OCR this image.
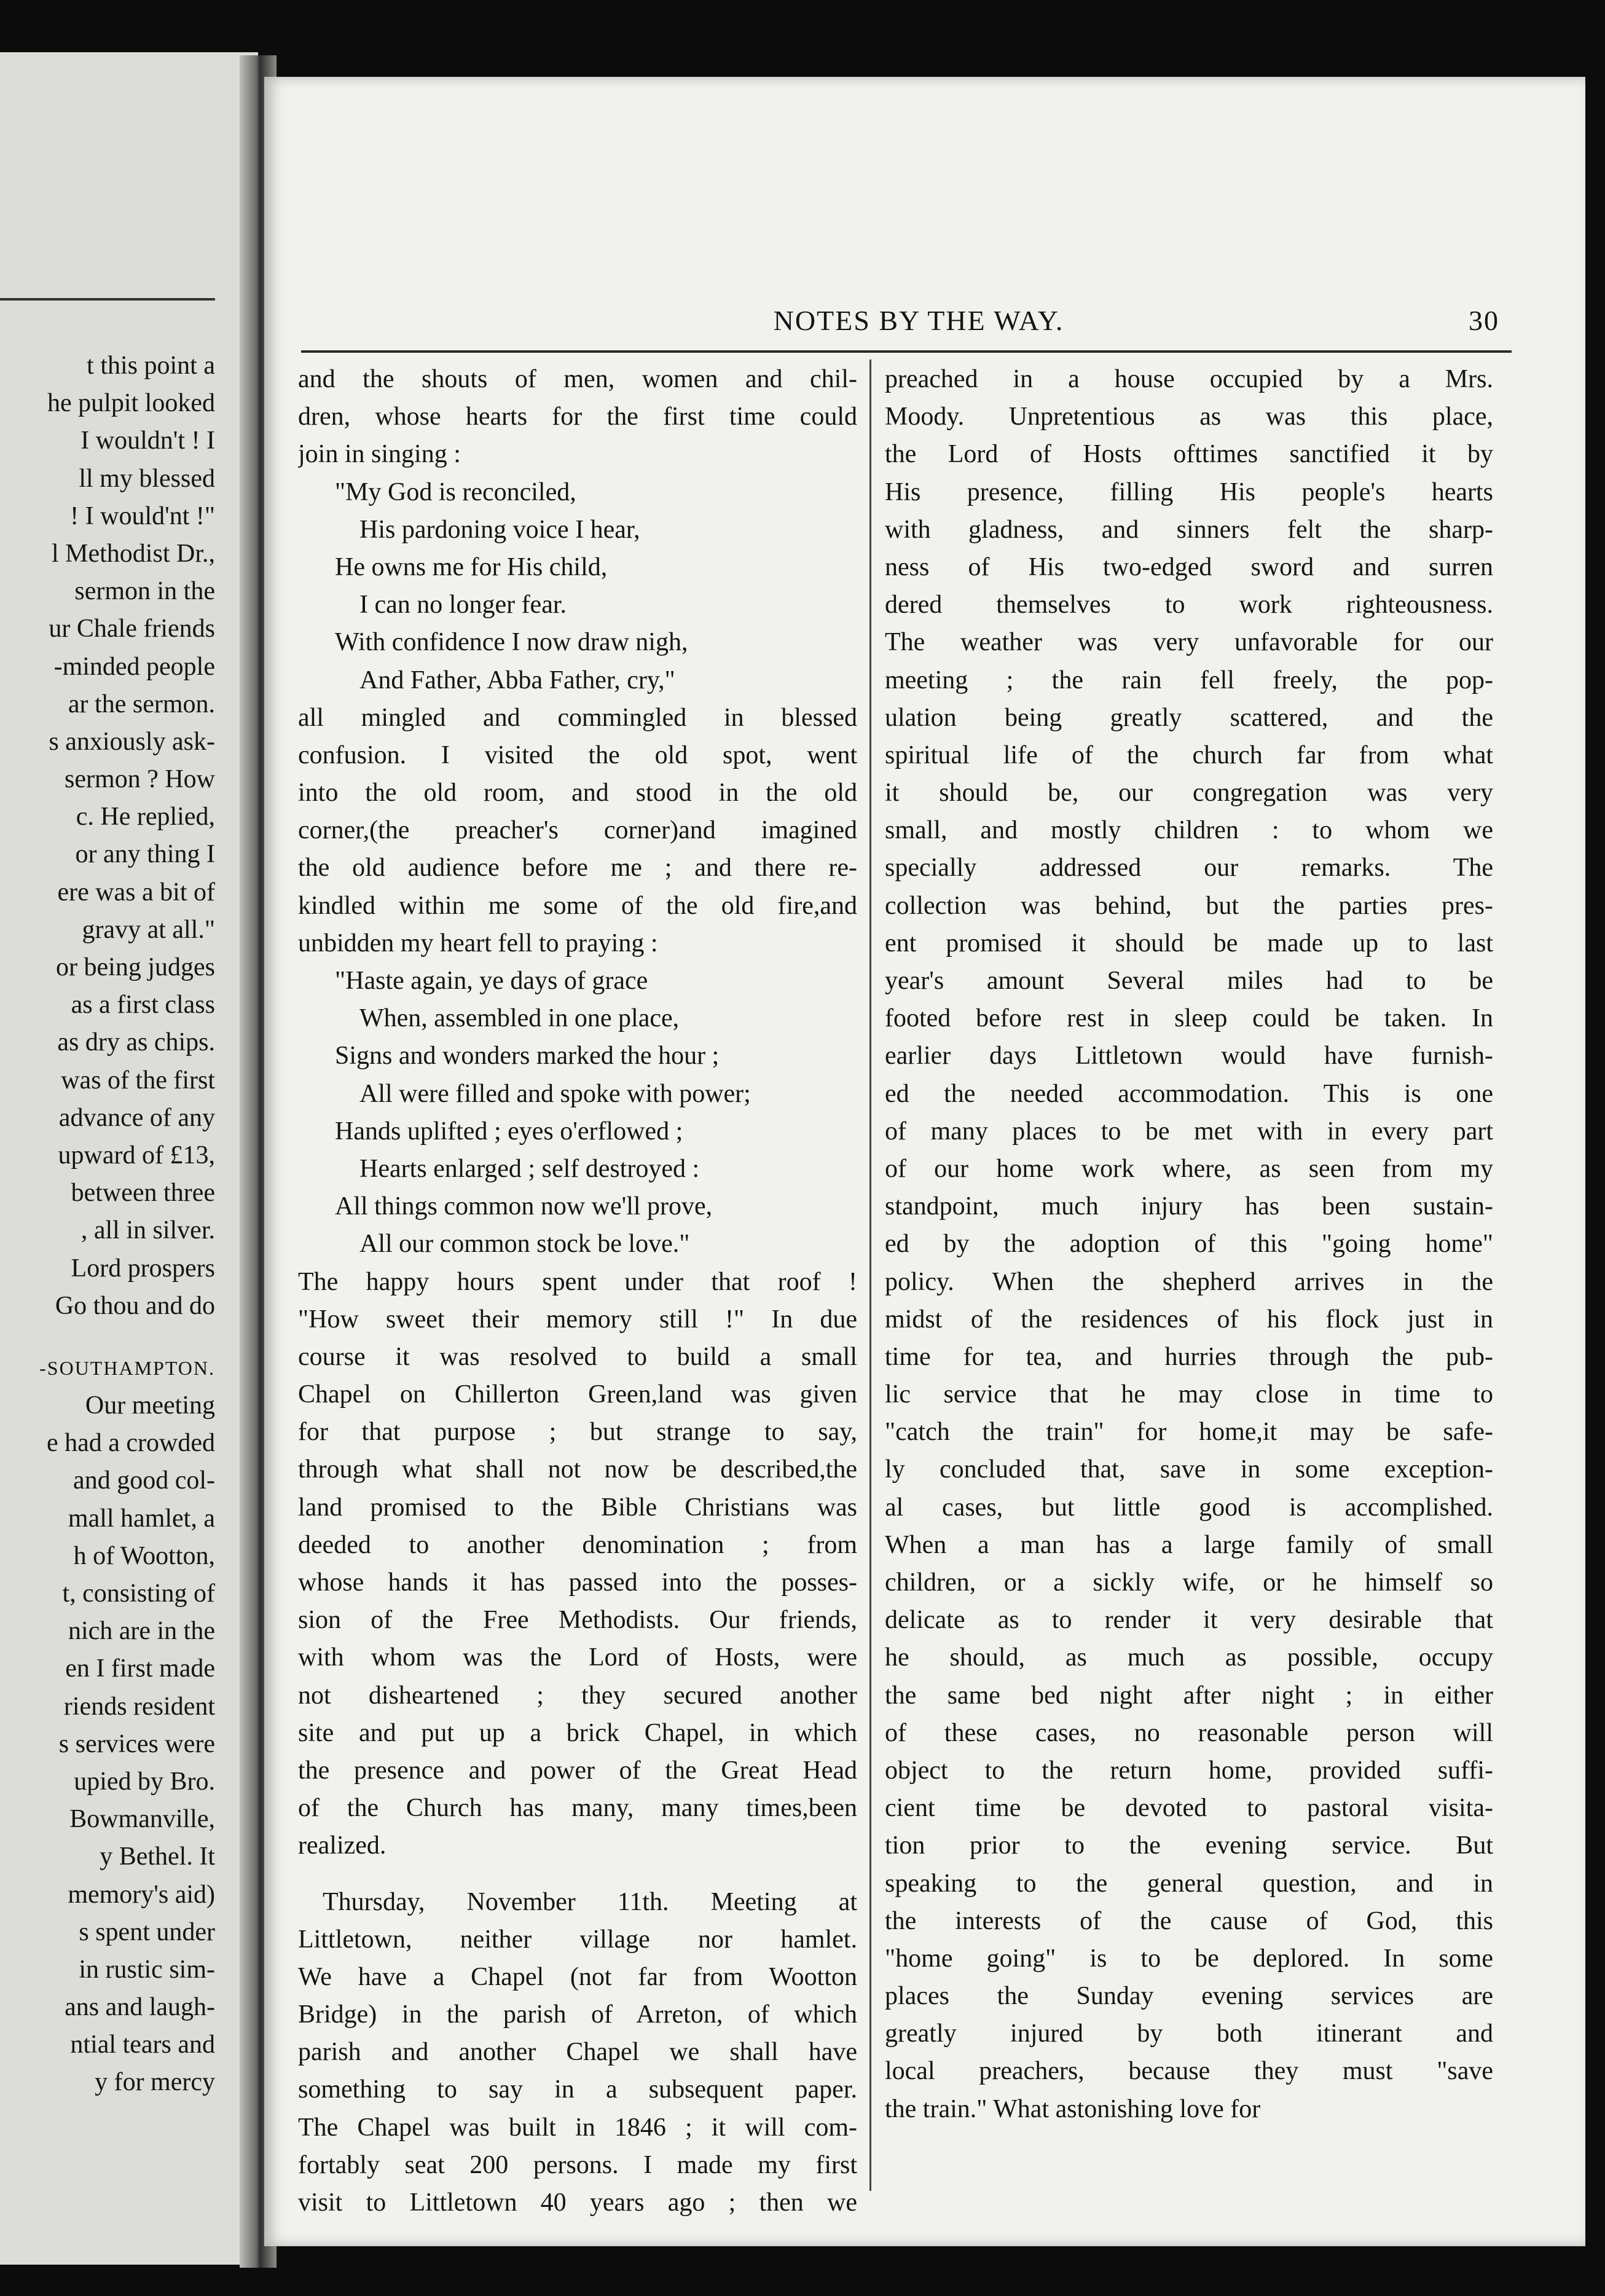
t this point a
he pulpit looked
I wouldn't ! I
ll my blessed
! I would'nt !"
l Methodist Dr.,
sermon in the
ur Chale friends
-minded people
ar the sermon.
s anxiously ask-
sermon ? How
c. He replied,
or any thing I
ere was a bit of
gravy at all."
or being judges
as a first class
as dry as chips.
was of the first
advance of any
upward of £13,
between three
, all in silver.
Lord prospers
Go thou and do
-SOUTHAMPTON.
Our meeting
e had a crowded
and good col-
mall hamlet, a
h of Wootton,
t, consisting of
nich are in the
en I first made
riends resident
s services were
upied by Bro.
Bowmanville,
y Bethel. It
memory's aid)
s spent under
in rustic sim-
ans and laugh-
ntial tears and
y for mercy
NOTES BY THE WAY.	30
and the shouts of men, women and chil-
dren, whose hearts for the first time could
join in singing :
"My God is reconciled,
His pardoning voice I hear,
He owns me for His child,
I can no longer fear.
With confidence I now draw nigh,
And Father, Abba Father, cry,"
all mingled and commingled in blessed
confusion. I visited the old spot, went
into the old room, and stood in the old
corner,(the preacher's corner)and imagined
the old audience before me ; and there re-
kindled within me some of the old fire,and
unbidden my heart fell to praying :
"Haste again, ye days of grace
When, assembled in one place,
Signs and wonders marked the hour ;
All were filled and spoke with power;
Hands uplifted ; eyes o'erflowed ;
Hearts enlarged ; self destroyed :
All things common now we'll prove,
All our common stock be love."
The happy hours spent under that roof !
"How sweet their memory still !" In due
course it was resolved to build a small
Chapel on Chillerton Green,land was given
for that purpose ; but strange to say,
through what shall not now be described,the
land promised to the Bible Christians was
deeded to another denomination ; from
whose hands it has passed into the posses-
sion of the Free Methodists. Our friends,
with whom was the Lord of Hosts, were
not disheartened ; they secured another
site and put up a brick Chapel, in which
the presence and power of the Great Head
of the Church has many, many times,been
realized.
Thursday, November 11th. Meeting at
Littletown, neither village nor hamlet.
We have a Chapel (not far from Wootton
Bridge) in the parish of Arreton, of which
parish and another Chapel we shall have
something to say in a subsequent paper.
The Chapel was built in 1846 ; it will com-
fortably seat 200 persons. I made my first
visit to Littletown 40 years ago ; then we
preached in a house occupied by a Mrs.
Moody. Unpretentious as was this place,
the Lord of Hosts ofttimes sanctified it by
His presence, filling His people's hearts
with gladness, and sinners felt the sharp-
ness of His two-edged sword and surren
dered themselves to work righteousness.
The weather was very unfavorable for our
meeting ; the rain fell freely, the pop-
ulation being greatly scattered, and the
spiritual life of the church far from what
it should be, our congregation was very
small, and mostly children : to whom we
specially addressed our remarks. The
collection was behind, but the parties pres-
ent promised it should be made up to last
year's amount Several miles had to be
footed before rest in sleep could be taken. In
earlier days Littletown would have furnish-
ed the needed accommodation. This is one
of many places to be met with in every part
of our home work where, as seen from my
standpoint, much injury has been sustain-
ed by the adoption of this "going home"
policy. When the shepherd arrives in the
midst of the residences of his flock just in
time for tea, and hurries through the pub-
lic service that he may close in time to
"catch the train" for home,it may be safe-
ly concluded that, save in some exception-
al cases, but little good is accomplished.
When a man has a large family of small
children, or a sickly wife, or he himself so
delicate as to render it very desirable that
he should, as much as possible, occupy
the same bed night after night ; in either
of these cases, no reasonable person will
object to the return home, provided suffi-
cient time be devoted to pastoral visita-
tion prior to the evening service. But
speaking to the general question, and in
the interests of the cause of God, this
"home going" is to be deplored. In some
places the Sunday evening services are
greatly injured by both itinerant and
local preachers, because they must "save
the train." What astonishing love for
